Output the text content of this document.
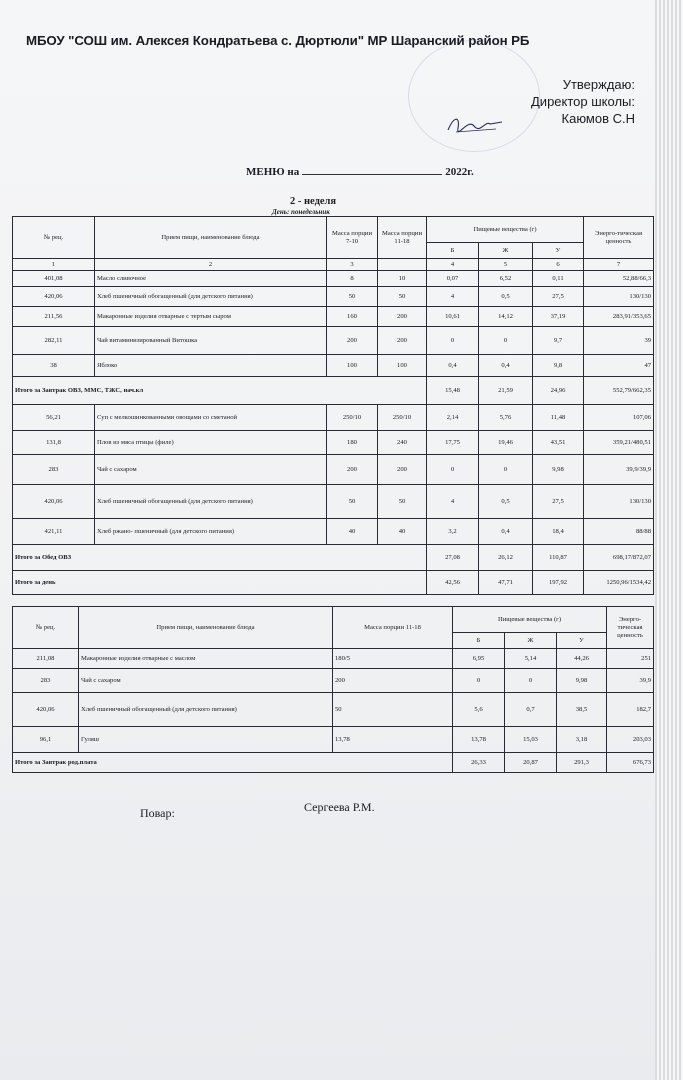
МБОУ "СОШ им. Алексея Кондратьева с. Дюртюли" МР Шаранский район РБ
Утверждаю:
Директор школы:
Каюмов С.Н
МЕНЮ на	2022г.
2 - неделя
День: понедельник
№ рец.	Прием пищи, наименование блюда	Масса порции 7-10	Масса порции 11-18	Пищевые вещества (г)			Энерго-тическая ценность
				Б	Ж	У	
1	2	3		4	5	6	7
401,08	Масло сливочное	8	10	0,07	6,52	0,11	52,88/66,3
420,06	Хлеб пшеничный обогащенный (для детского питания)	50	50	4	0,5	27,5	130/130
211,56	Макаронные изделия отварные с тертым сыром	160	200	10,61	14,12	37,19	283,91/353,65
282,11	Чай витаминизированный Витошка	200	200	0	0	9,7	39
38	Яблоко	100	100	0,4	0,4	9,8	47
Итого за Завтрак ОВЗ, ММС, ТЖС, нач.кл				15,48	21,59	24,96	552,79/662,35
56,21	Суп с мелкошинкованными овощами со сметаной	250/10	250/10	2,14	5,76	11,48	107,06
131,8	Плов из мяса птицы (филе)	180	240	17,75	19,46	43,51	359,21/480,51
283	Чай с сахаром	200	200	0	0	9,98	39,9/39,9
420,06	Хлеб пшеничный обогащенный (для детского питания)	50	50	4	0,5	27,5	130/130
421,11	Хлеб ржано- пшеничный (для детского питания)	40	40	3,2	0,4	18,4	88/88
Итого за Обед ОВЗ				27,08	26,12	110,87	698,17/872,07
Итого за день				42,56	47,71	197,92	1250,96/1534,42
№ рец.	Прием пищи, наименование блюда	Масса порции 11-18	Пищевые вещества (г)			Энерго-тическая ценность
			Б	Ж	У	
211,08	Макаронные изделия отварные с маслом	180/5	6,95	5,14	44,26	251
283	Чай с сахаром	200	0	0	9,98	39,9
420,06	Хлеб пшеничный обогащенный (для детского питания)	50	5,6	0,7	38,5	182,7
96,1	Гуляш	13,78	13,78	15,03	3,18	203,03
Итого за Завтрак род.плата			26,33	20,87	291,3	676,73
Повар:	Сергеева Р.М.
